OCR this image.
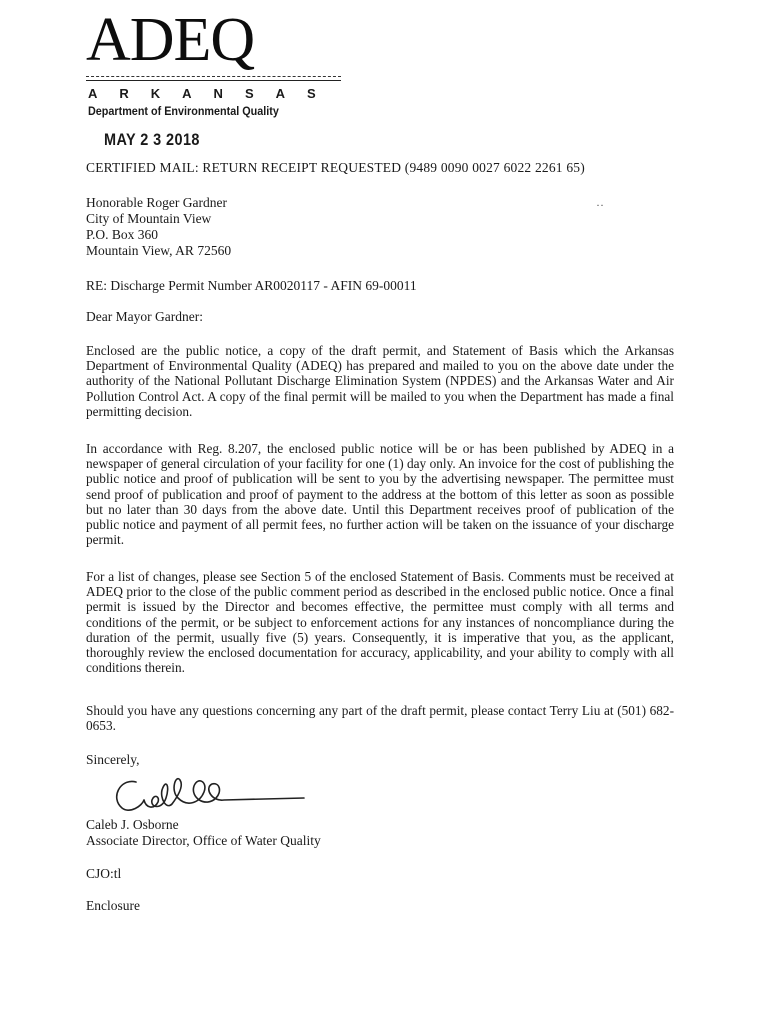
ADEQ
ARKANSAS
Department of Environmental Quality
MAY 2 3 2018
CERTIFIED MAIL: RETURN RECEIPT REQUESTED (9489 0090 0027 6022 2261 65)
Honorable Roger Gardner
City of Mountain View
P.O. Box 360
Mountain View, AR 72560
··
RE: Discharge Permit Number AR0020117 - AFIN 69-00011
Dear Mayor Gardner:

Enclosed are the public notice, a copy of the draft permit, and Statement of Basis which the Arkansas Department of Environmental Quality (ADEQ) has prepared and mailed to you on the above date under the authority of the National Pollutant Discharge Elimination System (NPDES) and the Arkansas Water and Air Pollution Control Act. A copy of the final permit will be mailed to you when the Department has made a final permitting decision.

In accordance with Reg. 8.207, the enclosed public notice will be or has been published by ADEQ in a newspaper of general circulation of your facility for one (1) day only. An invoice for the cost of publishing the public notice and proof of publication will be sent to you by the advertising newspaper. The permittee must send proof of publication and proof of payment to the address at the bottom of this letter as soon as possible but no later than 30 days from the above date. Until this Department receives proof of publication of the public notice and payment of all permit fees, no further action will be taken on the issuance of your discharge permit.

For a list of changes, please see Section 5 of the enclosed Statement of Basis. Comments must be received at ADEQ prior to the close of the public comment period as described in the enclosed public notice. Once a final permit is issued by the Director and becomes effective, the permittee must comply with all terms and conditions of the permit, or be subject to enforcement actions for any instances of noncompliance during the duration of the permit, usually five (5) years. Consequently, it is imperative that you, as the applicant, thoroughly review the enclosed documentation for accuracy, applicability, and your ability to comply with all conditions therein.

Should you have any questions concerning any part of the draft permit, please contact Terry Liu at (501) 682-0653.

Sincerely,
Caleb J. Osborne
Associate Director, Office of Water Quality
CJO:tl
Enclosure
